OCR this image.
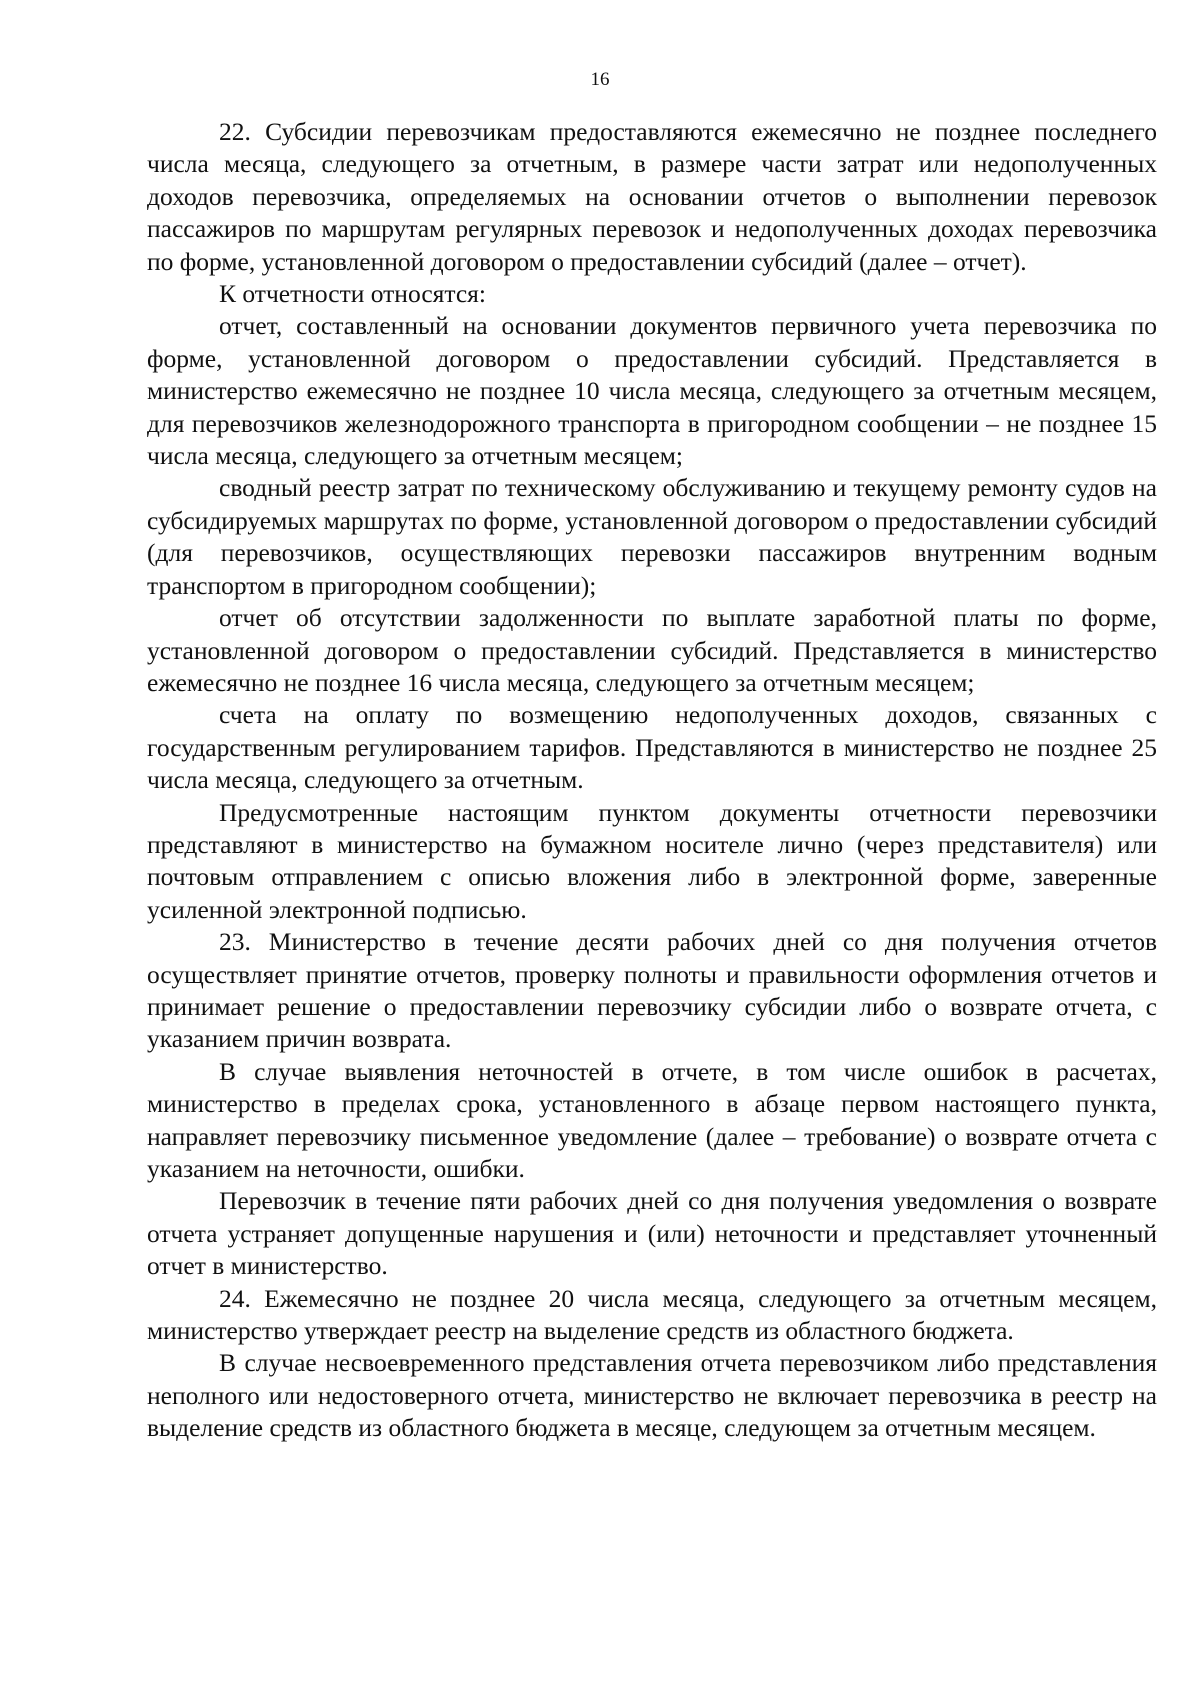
16

22. Субсидии перевозчикам предоставляются ежемесячно не позднее последнего числа месяца, следующего за отчетным, в размере части затрат или недополученных доходов перевозчика, определяемых на основании отчетов о выполнении перевозок пассажиров по маршрутам регулярных перевозок и недополученных доходах перевозчика по форме, установленной договором о предоставлении субсидий (далее – отчет).

К отчетности относятся:

отчет, составленный на основании документов первичного учета перевозчика по форме, установленной договором о предоставлении субсидий. Представляется в министерство ежемесячно не позднее 10 числа месяца, следующего за отчетным месяцем, для перевозчиков железнодорожного транспорта в пригородном сообщении – не позднее 15 числа месяца, следующего за отчетным месяцем;

сводный реестр затрат по техническому обслуживанию и текущему ремонту судов на субсидируемых маршрутах по форме, установленной договором о предоставлении субсидий (для перевозчиков, осуществляющих перевозки пассажиров внутренним водным транспортом в пригородном сообщении);

отчет об отсутствии задолженности по выплате заработной платы по форме, установленной договором о предоставлении субсидий. Представляется в министерство ежемесячно не позднее 16 числа месяца, следующего за отчетным месяцем;

счета на оплату по возмещению недополученных доходов, связанных с государственным регулированием тарифов. Представляются в министерство не позднее 25 числа месяца, следующего за отчетным.

Предусмотренные настоящим пунктом документы отчетности перевозчики представляют в министерство на бумажном носителе лично (через представителя) или почтовым отправлением с описью вложения либо в электронной форме, заверенные усиленной электронной подписью.

23. Министерство в течение десяти рабочих дней со дня получения отчетов осуществляет принятие отчетов, проверку полноты и правильности оформления отчетов и принимает решение о предоставлении перевозчику субсидии либо о возврате отчета, с указанием причин возврата.

В случае выявления неточностей в отчете, в том числе ошибок в расчетах, министерство в пределах срока, установленного в абзаце первом настоящего пункта, направляет перевозчику письменное уведомление (далее – требование) о возврате отчета с указанием на неточности, ошибки.

Перевозчик в течение пяти рабочих дней со дня получения уведомления о возврате отчета устраняет допущенные нарушения и (или) неточности и представляет уточненный отчет в министерство.

24. Ежемесячно не позднее 20 числа месяца, следующего за отчетным месяцем, министерство утверждает реестр на выделение средств из областного бюджета.

В случае несвоевременного представления отчета перевозчиком либо представления неполного или недостоверного отчета, министерство не включает перевозчика в реестр на выделение средств из областного бюджета в месяце, следующем за отчетным месяцем.
